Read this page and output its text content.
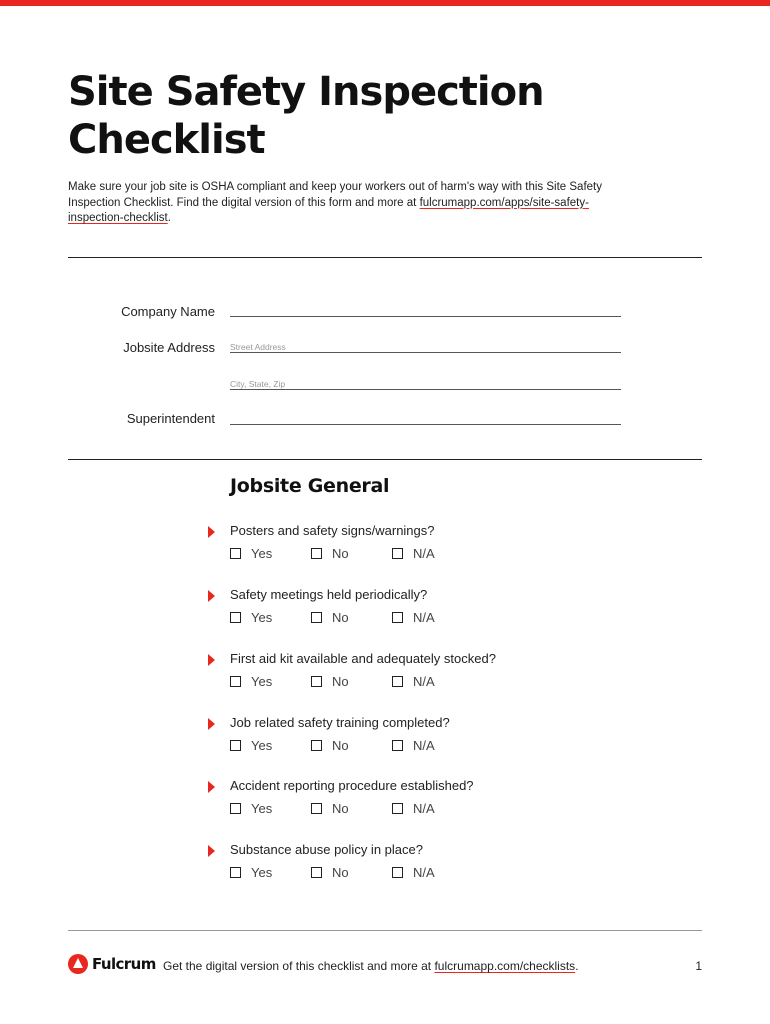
Site Safety Inspection Checklist
Make sure your job site is OSHA compliant and keep your workers out of harm's way with this Site Safety Inspection Checklist. Find the digital version of this form and more at fulcrumapp.com/apps/site-safety-inspection-checklist.
Company Name
Jobsite Address Street Address
City, State, Zip
Superintendent
Jobsite General
Posters and safety signs/warnings?
Yes	No	N/A
Safety meetings held periodically?
Yes	No	N/A
First aid kit available and adequately stocked?
Yes	No	N/A
Job related safety training completed?
Yes	No	N/A
Accident reporting procedure established?
Yes	No	N/A
Substance abuse policy in place?
Yes	No	N/A
Fulcrum Get the digital version of this checklist and more at fulcrumapp.com/checklists.	1
